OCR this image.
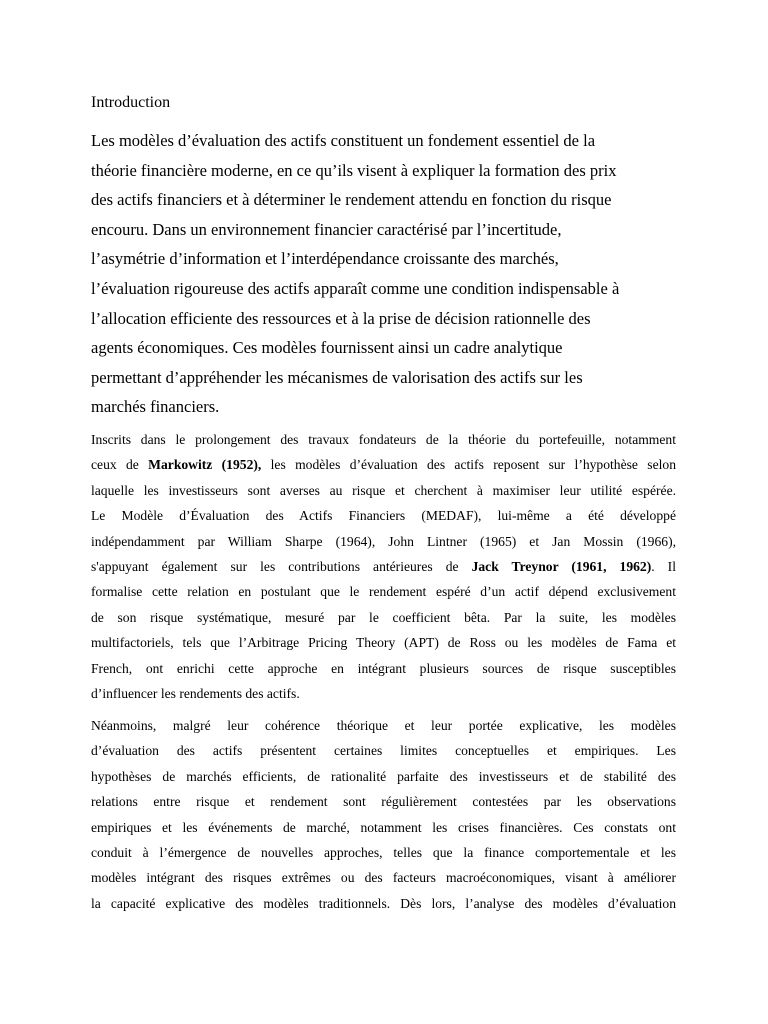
Introduction

Les modèles d’évaluation des actifs constituent un fondement essentiel de la
théorie financière moderne, en ce qu’ils visent à expliquer la formation des prix
des actifs financiers et à déterminer le rendement attendu en fonction du risque
encouru. Dans un environnement financier caractérisé par l’incertitude,
l’asymétrie d’information et l’interdépendance croissante des marchés,
l’évaluation rigoureuse des actifs apparaît comme une condition indispensable à
l’allocation efficiente des ressources et à la prise de décision rationnelle des
agents économiques. Ces modèles fournissent ainsi un cadre analytique
permettant d’appréhender les mécanismes de valorisation des actifs sur les
marchés financiers.

Inscrits dans le prolongement des travaux fondateurs de la théorie du portefeuille, notamment
ceux de Markowitz (1952), les modèles d’évaluation des actifs reposent sur l’hypothèse selon
laquelle les investisseurs sont averses au risque et cherchent à maximiser leur utilité espérée.
Le Modèle d’Évaluation des Actifs Financiers (MEDAF), lui-même a été développé
indépendamment par William Sharpe (1964), John Lintner (1965) et Jan Mossin (1966),
s'appuyant également sur les contributions antérieures de Jack Treynor (1961, 1962). Il
formalise cette relation en postulant que le rendement espéré d’un actif dépend exclusivement
de son risque systématique, mesuré par le coefficient bêta. Par la suite, les modèles
multifactoriels, tels que l’Arbitrage Pricing Theory (APT) de Ross ou les modèles de Fama et
French, ont enrichi cette approche en intégrant plusieurs sources de risque susceptibles
d’influencer les rendements des actifs.

Néanmoins, malgré leur cohérence théorique et leur portée explicative, les modèles
d’évaluation des actifs présentent certaines limites conceptuelles et empiriques. Les
hypothèses de marchés efficients, de rationalité parfaite des investisseurs et de stabilité des
relations entre risque et rendement sont régulièrement contestées par les observations
empiriques et les événements de marché, notamment les crises financières. Ces constats ont
conduit à l’émergence de nouvelles approches, telles que la finance comportementale et les
modèles intégrant des risques extrêmes ou des facteurs macroéconomiques, visant à améliorer
la capacité explicative des modèles traditionnels. Dès lors, l’analyse des modèles d’évaluation
